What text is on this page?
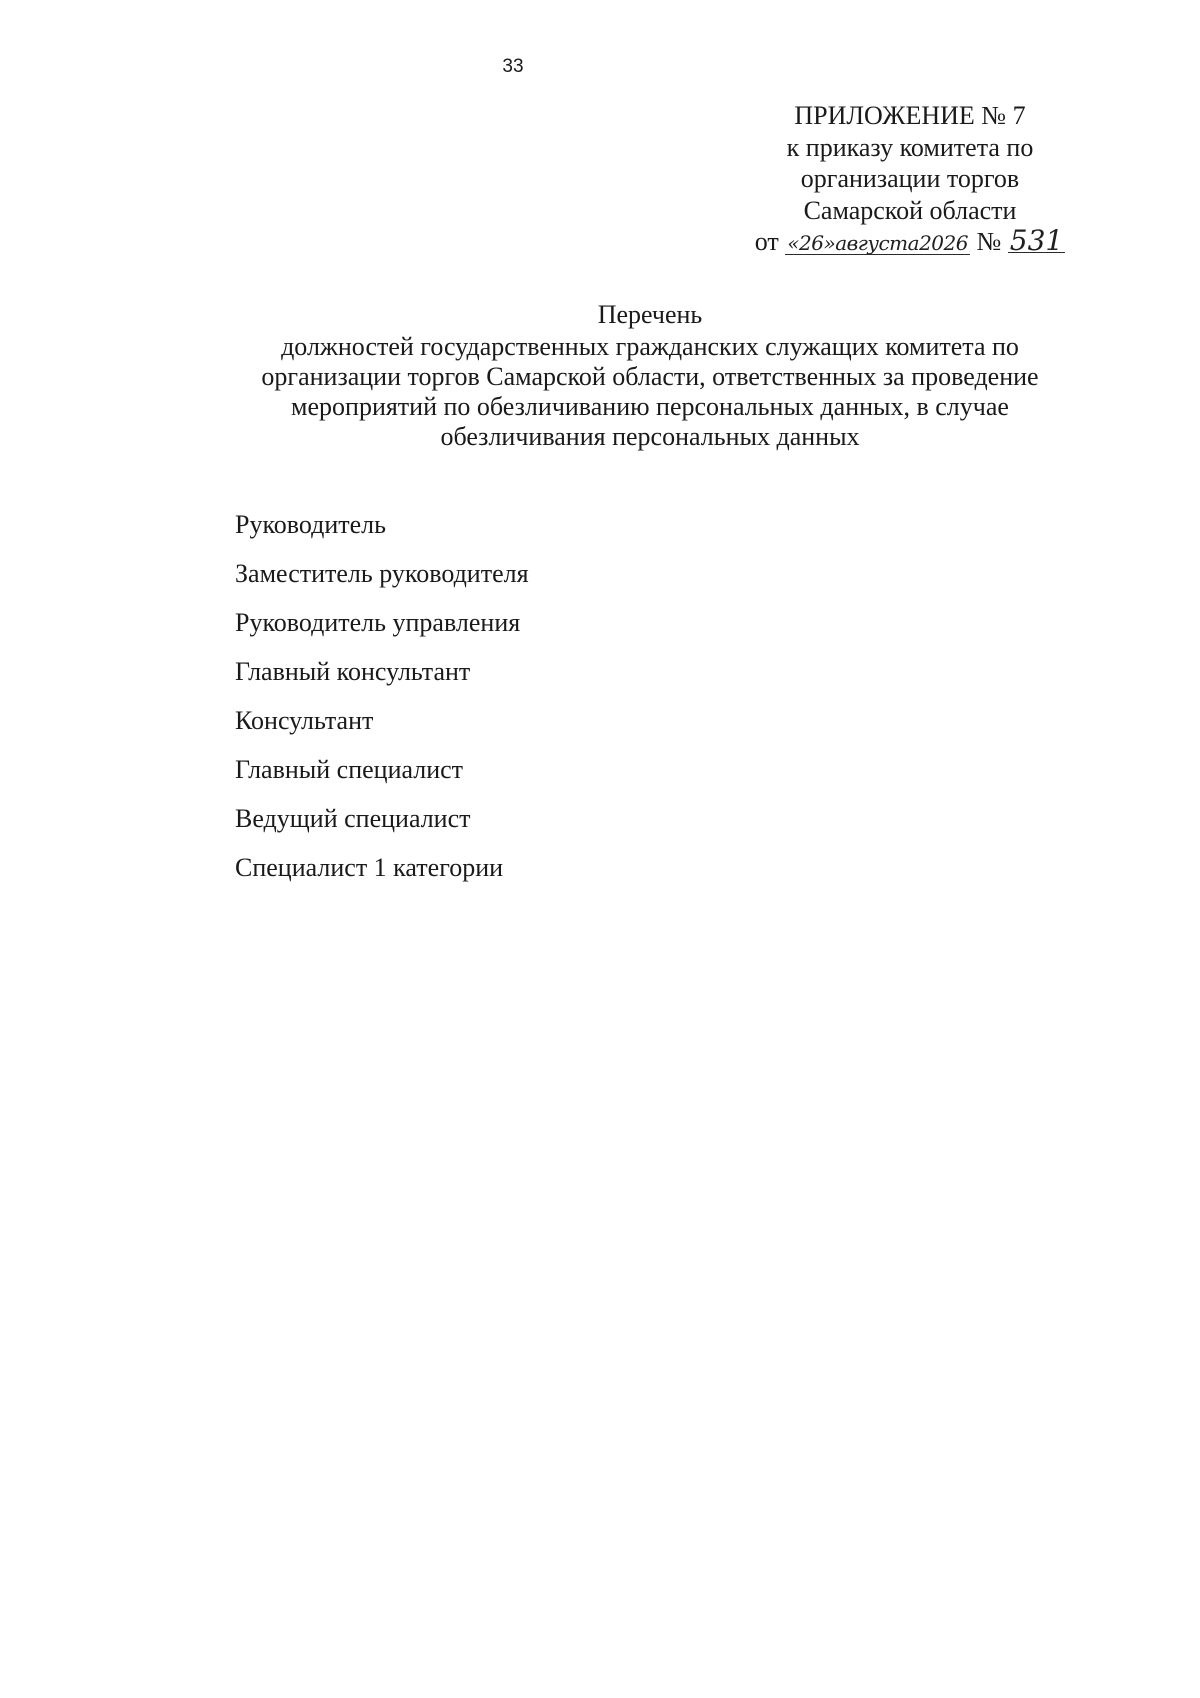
33
ПРИЛОЖЕНИЕ № 7
к приказу комитета по
организации торгов
Самарской области
от «26»августа2026 № 531
Перечень
должностей государственных гражданских служащих комитета по
организации торгов Самарской области, ответственных за проведение
мероприятий по обезличиванию персональных данных, в случае
обезличивания персональных данных
Руководитель
Заместитель руководителя
Руководитель управления
Главный консультант
Консультант
Главный специалист
Ведущий специалист
Специалист 1 категории
